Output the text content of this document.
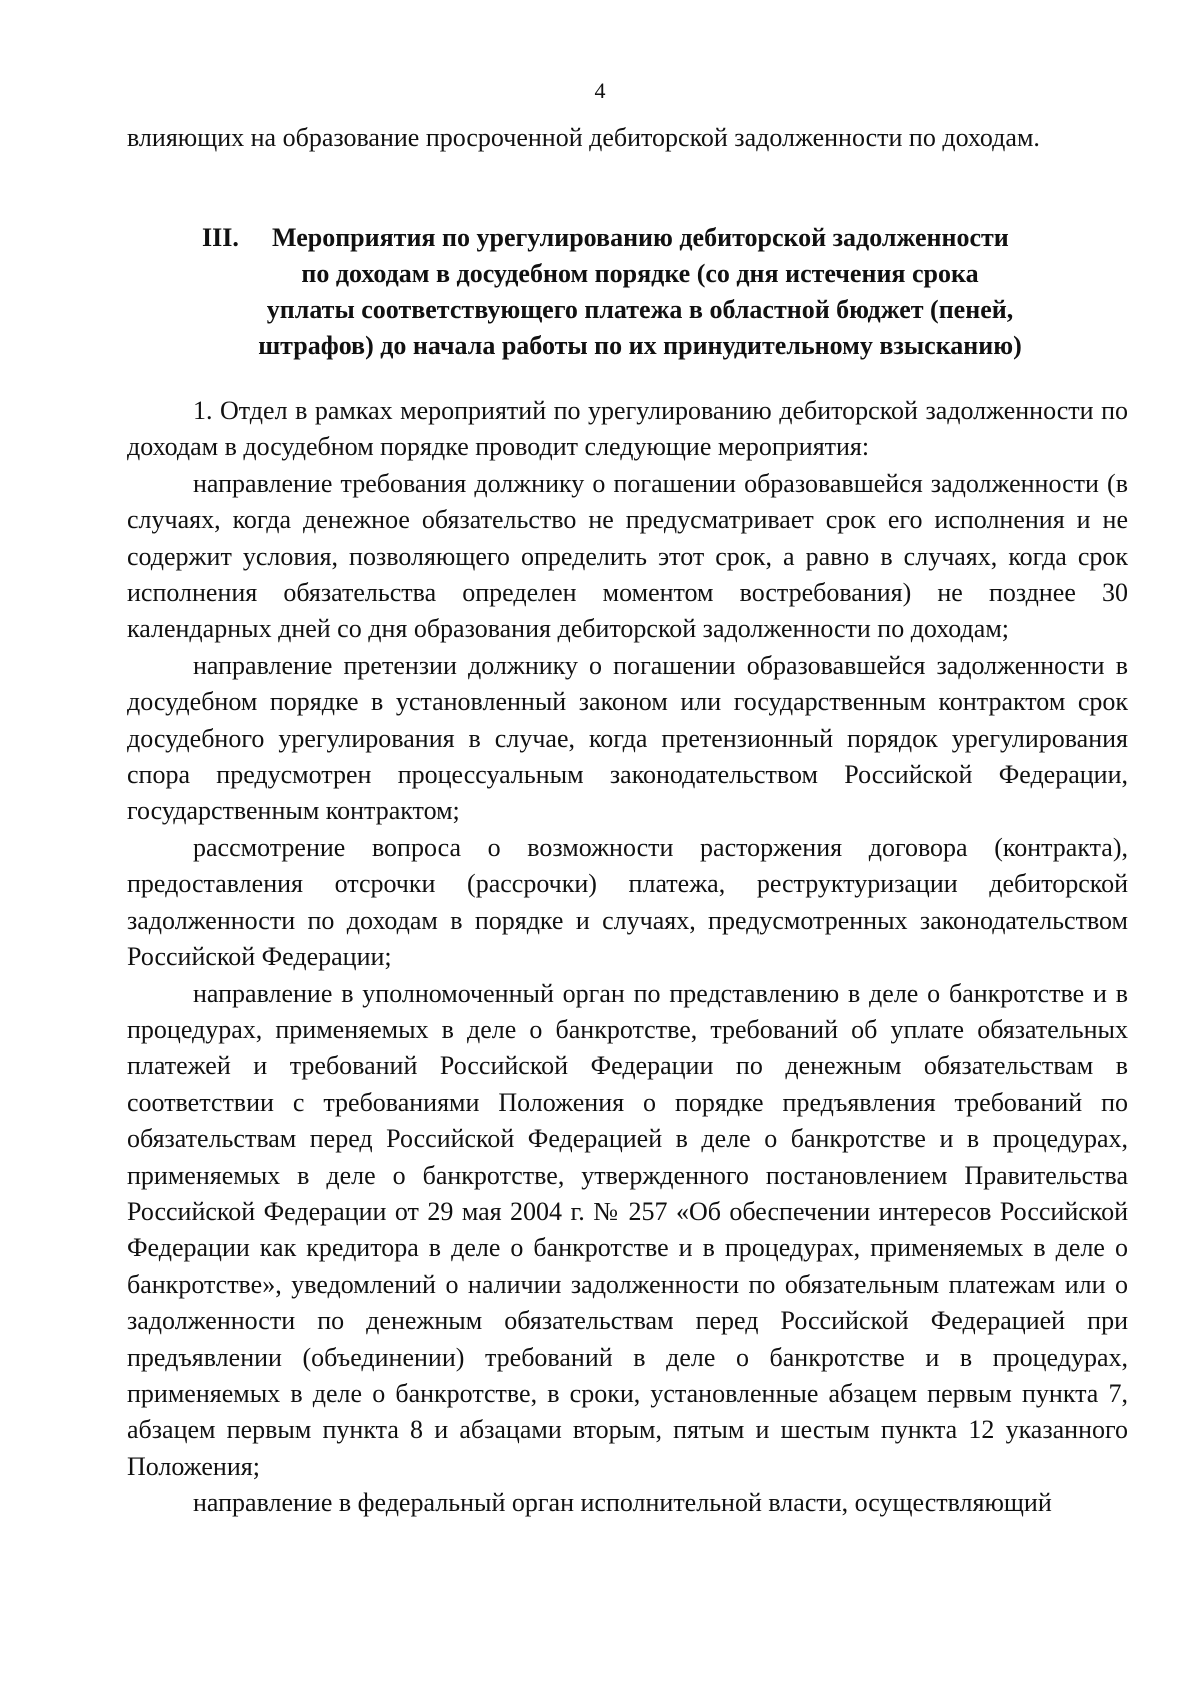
4
влияющих на образование просроченной дебиторской задолженности по доходам.
III. Мероприятия по урегулированию дебиторской задолженности
по доходам в досудебном порядке (со дня истечения срока
уплаты соответствующего платежа в областной бюджет (пеней,
штрафов) до начала работы по их принудительному взысканию)

1. Отдел в рамках мероприятий по урегулированию дебиторской задолженности по доходам в досудебном порядке проводит следующие мероприятия:

направление требования должнику о погашении образовавшейся задолженности (в случаях, когда денежное обязательство не предусматривает срок его исполнения и не содержит условия, позволяющего определить этот срок, а равно в случаях, когда срок исполнения обязательства определен моментом востребования) не позднее 30 календарных дней со дня образования дебиторской задолженности по доходам;

направление претензии должнику о погашении образовавшейся задолженности в досудебном порядке в установленный законом или государственным контрактом срок досудебного урегулирования в случае, когда претензионный порядок урегулирования спора предусмотрен процессуальным законодательством Российской Федерации, государственным контрактом;

рассмотрение вопроса о возможности расторжения договора (контракта), предоставления отсрочки (рассрочки) платежа, реструктуризации дебиторской задолженности по доходам в порядке и случаях, предусмотренных законодательством Российской Федерации;

направление в уполномоченный орган по представлению в деле о банкротстве и в процедурах, применяемых в деле о банкротстве, требований об уплате обязательных платежей и требований Российской Федерации по денежным обязательствам в соответствии с требованиями Положения о порядке предъявления требований по обязательствам перед Российской Федерацией в деле о банкротстве и в процедурах, применяемых в деле о банкротстве, утвержденного постановлением Правительства Российской Федерации от 29 мая 2004 г. № 257 «Об обеспечении интересов Российской Федерации как кредитора в деле о банкротстве и в процедурах, применяемых в деле о банкротстве», уведомлений о наличии задолженности по обязательным платежам или о задолженности по денежным обязательствам перед Российской Федерацией при предъявлении (объединении) требований в деле о банкротстве и в процедурах, применяемых в деле о банкротстве, в сроки, установленные абзацем первым пункта 7, абзацем первым пункта 8 и абзацами вторым, пятым и шестым пункта 12 указанного Положения;

направление в федеральный орган исполнительной власти, осуществляющий
